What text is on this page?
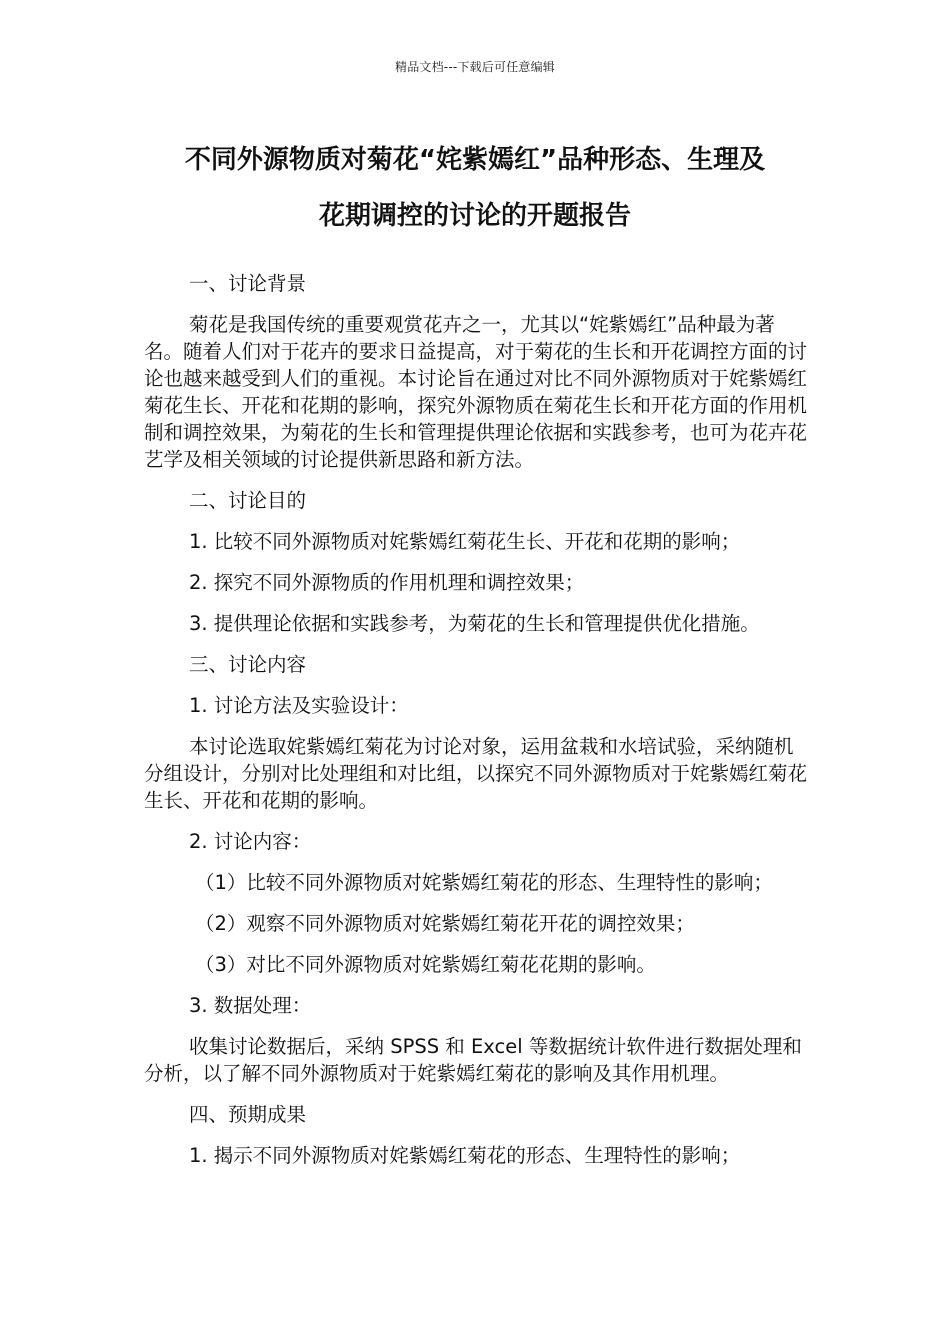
精品文档---下载后可任意编辑
不同外源物质对菊花“姹紫嫣红”品种形态、生理及
花期调控的讨论的开题报告

一、讨论背景

菊花是我国传统的重要观赏花卉之一，尤其以“姹紫嫣红”品种最为著名。随着人们对于花卉的要求日益提高，对于菊花的生长和开花调控方面的讨论也越来越受到人们的重视。本讨论旨在通过对比不同外源物质对于姹紫嫣红菊花生长、开花和花期的影响，探究外源物质在菊花生长和开花方面的作用机制和调控效果，为菊花的生长和管理提供理论依据和实践参考，也可为花卉花艺学及相关领域的讨论提供新思路和新方法。

二、讨论目的

1. 比较不同外源物质对姹紫嫣红菊花生长、开花和花期的影响；

2. 探究不同外源物质的作用机理和调控效果；

3. 提供理论依据和实践参考，为菊花的生长和管理提供优化措施。

三、讨论内容

1. 讨论方法及实验设计：

本讨论选取姹紫嫣红菊花为讨论对象，运用盆栽和水培试验，采纳随机分组设计，分别对比处理组和对比组，以探究不同外源物质对于姹紫嫣红菊花生长、开花和花期的影响。

2. 讨论内容：

（1）比较不同外源物质对姹紫嫣红菊花的形态、生理特性的影响；

（2）观察不同外源物质对姹紫嫣红菊花开花的调控效果；

（3）对比不同外源物质对姹紫嫣红菊花花期的影响。

3. 数据处理：

收集讨论数据后，采纳 SPSS 和 Excel 等数据统计软件进行数据处理和分析，以了解不同外源物质对于姹紫嫣红菊花的影响及其作用机理。

四、预期成果

1. 揭示不同外源物质对姹紫嫣红菊花的形态、生理特性的影响；
